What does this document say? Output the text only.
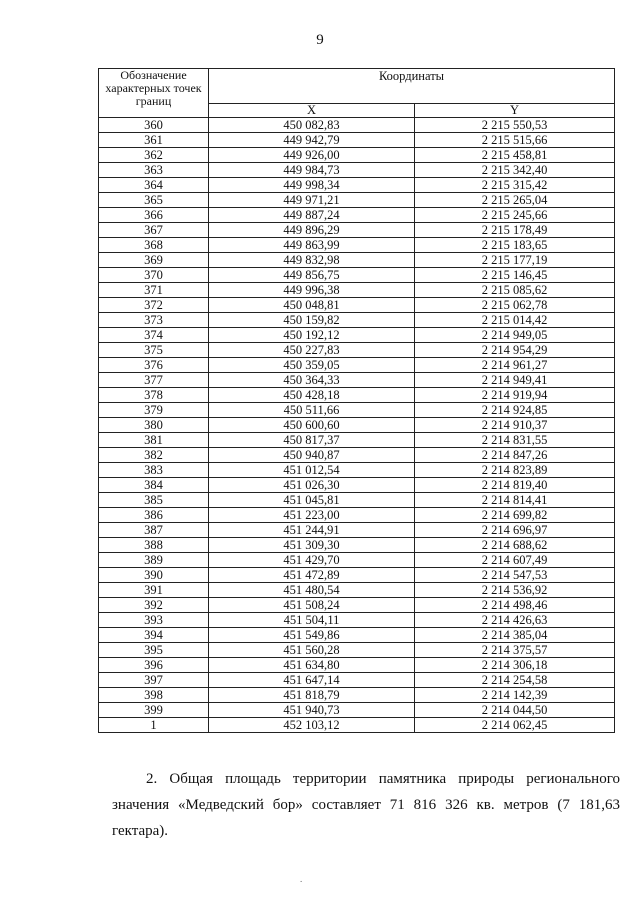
9
Обозначение характерных точек границ	Координаты	
	X	Y
360	450 082,83	2 215 550,53
361	449 942,79	2 215 515,66
362	449 926,00	2 215 458,81
363	449 984,73	2 215 342,40
364	449 998,34	2 215 315,42
365	449 971,21	2 215 265,04
366	449 887,24	2 215 245,66
367	449 896,29	2 215 178,49
368	449 863,99	2 215 183,65
369	449 832,98	2 215 177,19
370	449 856,75	2 215 146,45
371	449 996,38	2 215 085,62
372	450 048,81	2 215 062,78
373	450 159,82	2 215 014,42
374	450 192,12	2 214 949,05
375	450 227,83	2 214 954,29
376	450 359,05	2 214 961,27
377	450 364,33	2 214 949,41
378	450 428,18	2 214 919,94
379	450 511,66	2 214 924,85
380	450 600,60	2 214 910,37
381	450 817,37	2 214 831,55
382	450 940,87	2 214 847,26
383	451 012,54	2 214 823,89
384	451 026,30	2 214 819,40
385	451 045,81	2 214 814,41
386	451 223,00	2 214 699,82
387	451 244,91	2 214 696,97
388	451 309,30	2 214 688,62
389	451 429,70	2 214 607,49
390	451 472,89	2 214 547,53
391	451 480,54	2 214 536,92
392	451 508,24	2 214 498,46
393	451 504,11	2 214 426,63
394	451 549,86	2 214 385,04
395	451 560,28	2 214 375,57
396	451 634,80	2 214 306,18
397	451 647,14	2 214 254,58
398	451 818,79	2 214 142,39
399	451 940,73	2 214 044,50
1	452 103,12	2 214 062,45

2. Общая площадь территории памятника природы регионального значения «Медведский бор» составляет 71 816 326 кв. метров (7 181,63 гектара).

.
